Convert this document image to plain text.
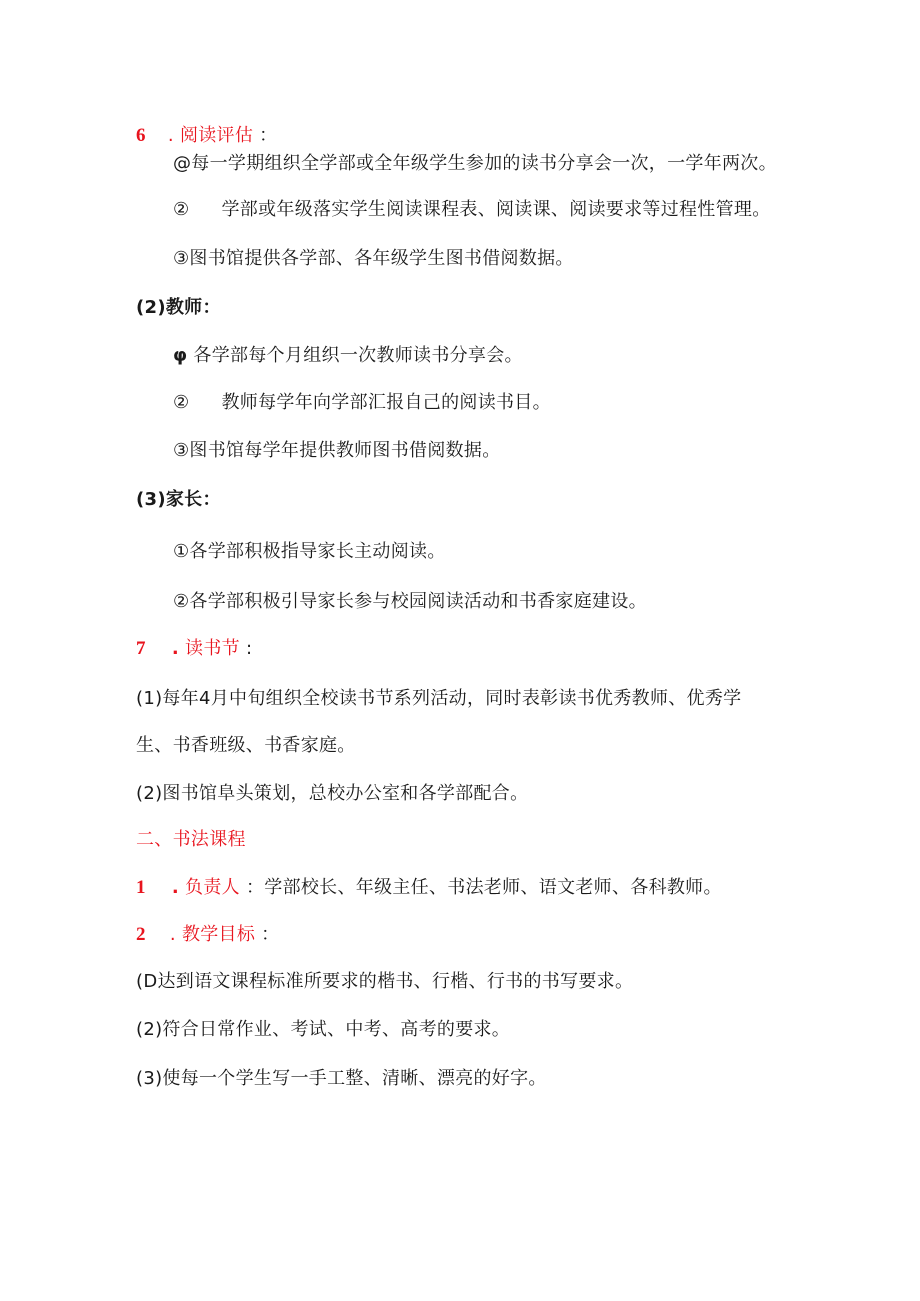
6 . 阅读评估 ：
@每一学期组织全学部或全年级学生参加的读书分享会一次，一学年两次。
② 学部或年级落实学生阅读课程表、阅读课、阅读要求等过程性管理。
③图书馆提供各学部、各年级学生图书借阅数据。
(2)教师：
φ 各学部每个月组织一次教师读书分享会。
② 教师每学年向学部汇报自己的阅读书目。
③图书馆每学年提供教师图书借阅数据。
(3)家长：
①各学部积极指导家长主动阅读。
②各学部积极引导家长参与校园阅读活动和书香家庭建设。
7 . 读书节 :
(1)每年4月中旬组织全校读书节系列活动，同时表彰读书优秀教师、优秀学
生、书香班级、书香家庭。
(2)图书馆阜头策划，总校办公室和各学部配合。
二、书法课程
1 . 负责人 ：学部校长、年级主任、书法老师、语文老师、各科教师。
2 . 教学目标 ：
(D达到语文课程标准所要求的楷书、行楷、行书的书写要求。
(2)符合日常作业、考试、中考、高考的要求。
(3)使每一个学生写一手工整、清晰、漂亮的好字。
